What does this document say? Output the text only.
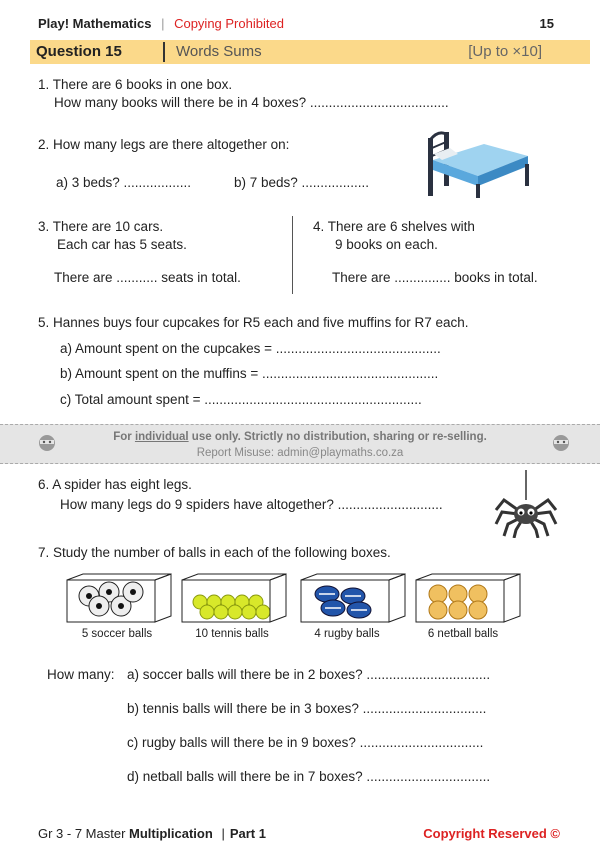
Play! Mathematics | Copying Prohibited	15
Question 15	Words Sums	[Up to ×10]
1. There are 6 books in one box.
How many books will there be in 4 boxes? .....................................
2. How many legs are there altogether on:
a) 3 beds? ..................	b) 7 beds? ..................
3. There are 10 cars.
Each car has 5 seats.
There are ........... seats in total.
4. There are 6 shelves with
9 books on each.
There are ............... books in total.
5. Hannes buys four cupcakes for R5 each and five muffins for R7 each.
a) Amount spent on the cupcakes = ............................................
b) Amount spent on the muffins = ...............................................
c) Total amount spent = ..........................................................
For individual use only. Strictly no distribution, sharing or re-selling.
Report Misuse: admin@playmaths.co.za
6. A spider has eight legs.
How many legs do 9 spiders have altogether? ............................
7. Study the number of balls in each of the following boxes.
5 soccer balls	10 tennis balls	4 rugby balls	6 netball balls
How many: a) soccer balls will there be in 2 boxes? .................................
b) tennis balls will there be in 3 boxes? .................................
c) rugby balls will there be in 9 boxes? .................................
d) netball balls will there be in 7 boxes? .................................
Gr 3 - 7 Master Multiplication | Part 1	Copyright Reserved ©
